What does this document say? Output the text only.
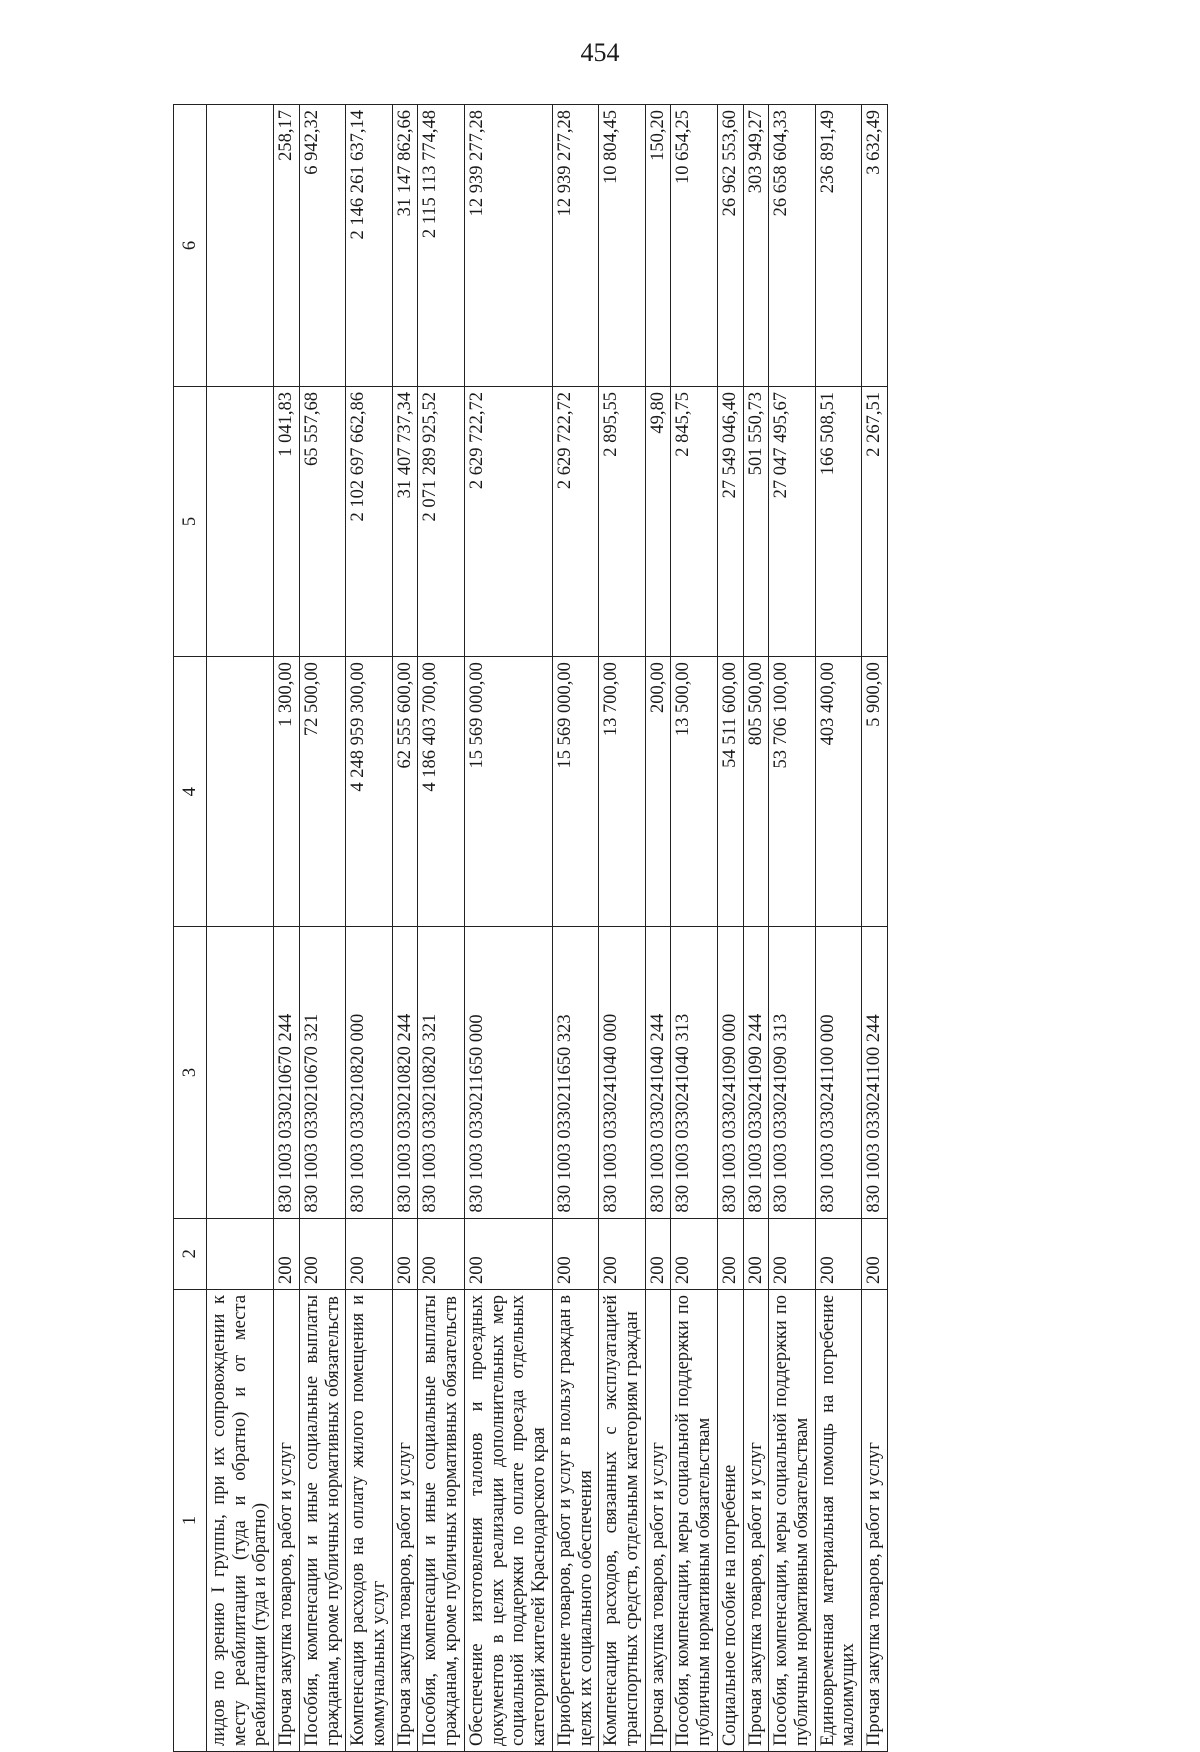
454
1	2	3	4	5	6
лидов по зрению I группы, при их сопровождении к месту реабилитации (туда и обратно) и от места реабилитации (туда и обратно)					
Прочая закупка товаров, работ и услуг	200	830 1003 0330210670 244	1 300,00	1 041,83	258,17
Пособия, компенсации и иные социальные выплаты гражданам, кроме публичных нормативных обязательств	200	830 1003 0330210670 321	72 500,00	65 557,68	6 942,32
Компенсация расходов на оплату жилого помещения и коммунальных услуг	200	830 1003 0330210820 000	4 248 959 300,00	2 102 697 662,86	2 146 261 637,14
Прочая закупка товаров, работ и услуг	200	830 1003 0330210820 244	62 555 600,00	31 407 737,34	31 147 862,66
Пособия, компенсации и иные социальные выплаты гражданам, кроме публичных нормативных обязательств	200	830 1003 0330210820 321	4 186 403 700,00	2 071 289 925,52	2 115 113 774,48
Обеспечение изготовления талонов и проездных документов в целях реализации дополнительных мер социальной поддержки по оплате проезда отдельных категорий жителей Краснодарского края	200	830 1003 0330211650 000	15 569 000,00	2 629 722,72	12 939 277,28
Приобретение товаров, работ и услуг в пользу граждан в целях их социального обеспечения	200	830 1003 0330211650 323	15 569 000,00	2 629 722,72	12 939 277,28
Компенсация расходов, связанных с эксплуатацией транспортных средств, отдельным категориям граждан	200	830 1003 0330241040 000	13 700,00	2 895,55	10 804,45
Прочая закупка товаров, работ и услуг	200	830 1003 0330241040 244	200,00	49,80	150,20
Пособия, компенсации, меры социальной поддержки по публичным нормативным обязательствам	200	830 1003 0330241040 313	13 500,00	2 845,75	10 654,25
Социальное пособие на погребение	200	830 1003 0330241090 000	54 511 600,00	27 549 046,40	26 962 553,60
Прочая закупка товаров, работ и услуг	200	830 1003 0330241090 244	805 500,00	501 550,73	303 949,27
Пособия, компенсации, меры социальной поддержки по публичным нормативным обязательствам	200	830 1003 0330241090 313	53 706 100,00	27 047 495,67	26 658 604,33
Единовременная материальная помощь на погребение малоимущих	200	830 1003 0330241100 000	403 400,00	166 508,51	236 891,49
Прочая закупка товаров, работ и услуг	200	830 1003 0330241100 244	5 900,00	2 267,51	3 632,49
